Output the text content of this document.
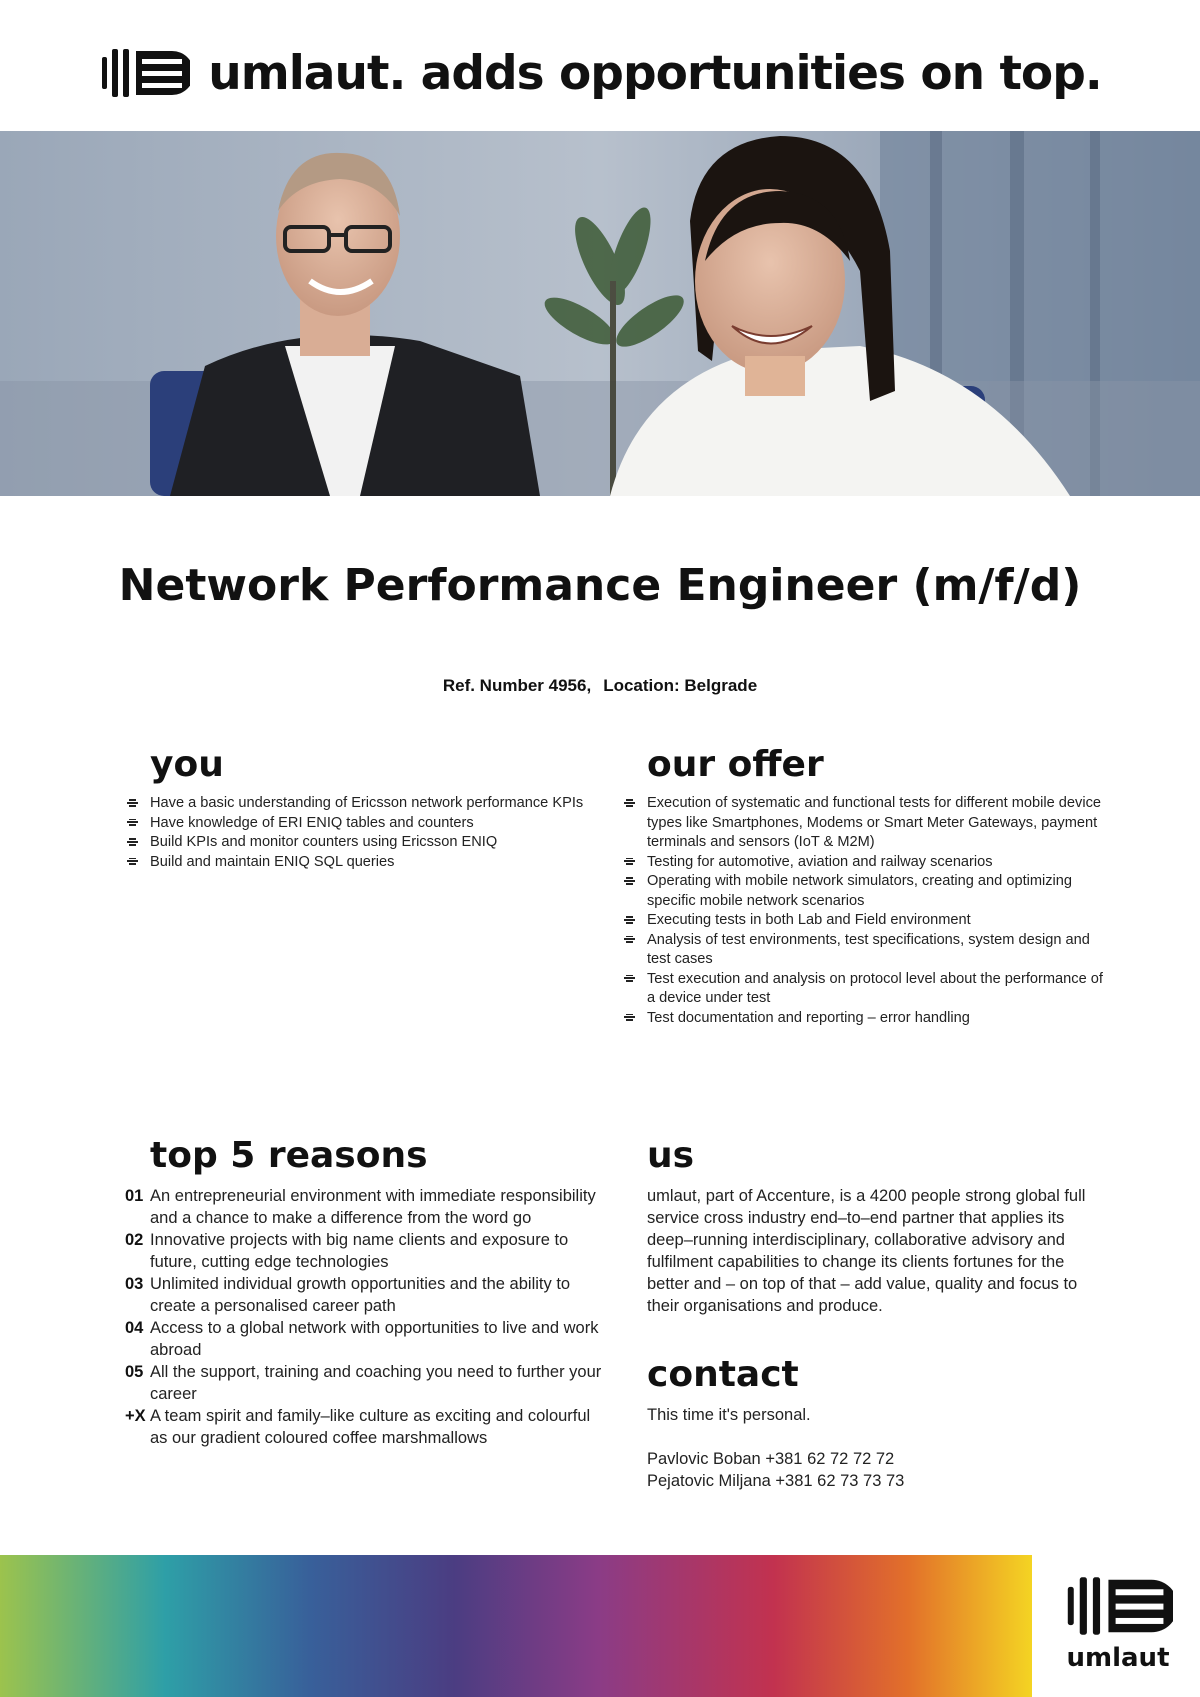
umlaut. adds opportunities on top.
Network Performance Engineer (m/f/d)
Ref. Number 4956, Location: Belgrade
you
Have a basic understanding of Ericsson network performance KPIs
Have knowledge of ERI ENIQ tables and counters
Build KPIs and monitor counters using Ericsson ENIQ
Build and maintain ENIQ SQL queries
our offer
Execution of systematic and functional tests for different mobile device types like Smartphones, Modems or Smart Meter Gateways, payment terminals and sensors (IoT & M2M)
Testing for automotive, aviation and railway scenarios
Operating with mobile network simulators, creating and optimizing specific mobile network scenarios
Executing tests in both Lab and Field environment
Analysis of test environments, test specifications, system design and test cases
Test execution and analysis on protocol level about the performance of a device under test
Test documentation and reporting – error handling
top 5 reasons
01 An entrepreneurial environment with immediate responsibility and a chance to make a difference from the word go
02 Innovative projects with big name clients and exposure to future, cutting edge technologies
03 Unlimited individual growth opportunities and the ability to create a personalised career path
04 Access to a global network with opportunities to live and work abroad
05 All the support, training and coaching you need to further your career
+X A team spirit and family–like culture as exciting and colourful as our gradient coloured coffee marshmallows
us

umlaut, part of Accenture, is a 4200 people strong global full service cross industry end–to–end partner that applies its deep–running interdisciplinary, collaborative advisory and fulfilment capabilities to change its clients fortunes for the better and – on top of that – add value, quality and focus to their organisations and produce.

contact
This time it's personal.
Pavlovic Boban +381 62 72 72 72
Pejatovic Miljana +381 62 73 73 73
umlaut
